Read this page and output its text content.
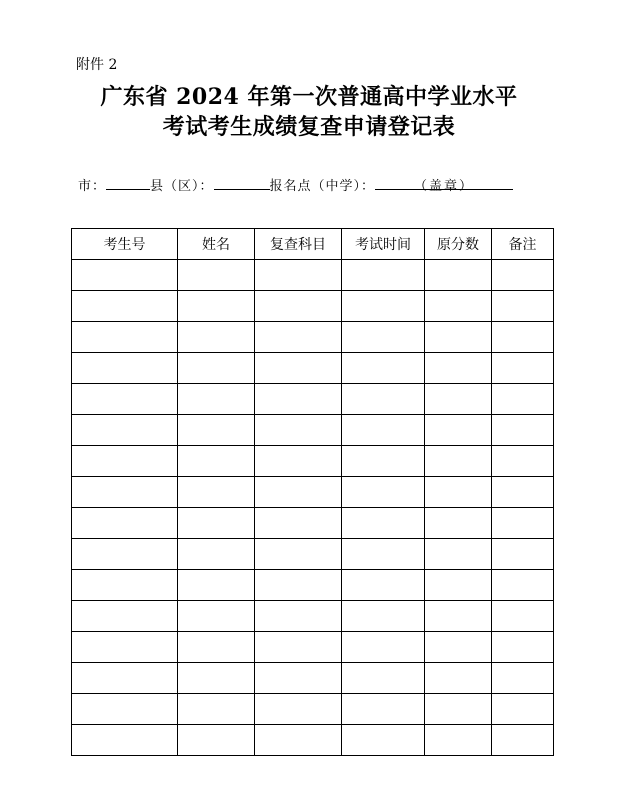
附件 2
广东省 2024 年第一次普通高中学业水平
考试考生成绩复查申请登记表
市：	县（区）：	报名点（中学）：	（盖章）
考生号	姓名	复查科目	考试时间	原分数	备注
